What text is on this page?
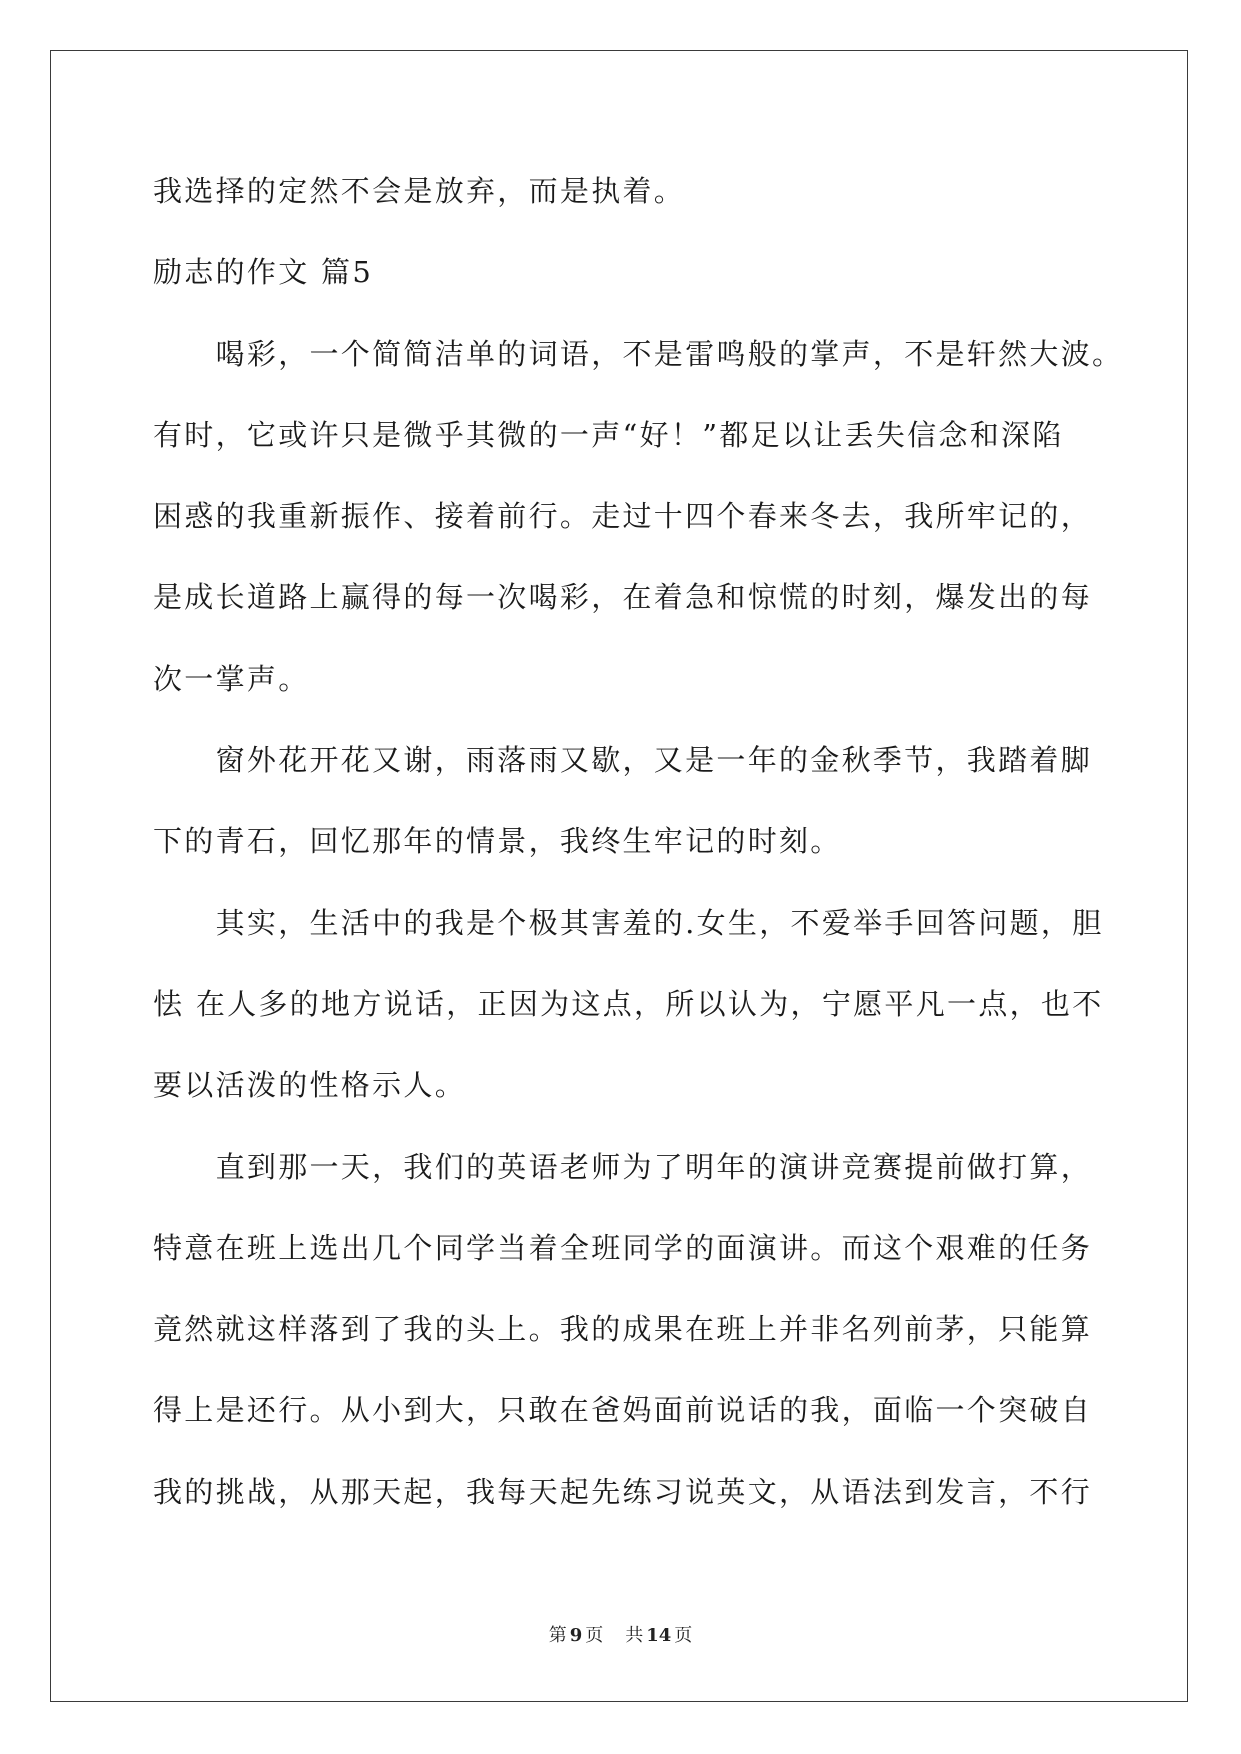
我选择的定然不会是放弃，而是执着。
励志的作文 篇5
喝彩，一个简简洁单的词语，不是雷鸣般的掌声，不是轩然大波。
有时，它或许只是微乎其微的一声“好！”都足以让丢失信念和深陷
困惑的我重新振作、接着前行。走过十四个春来冬去，我所牢记的，
是成长道路上赢得的每一次喝彩，在着急和惊慌的时刻，爆发出的每
次一掌声。
窗外花开花又谢，雨落雨又歇，又是一年的金秋季节，我踏着脚
下的青石，回忆那年的情景，我终生牢记的时刻。
其实，生活中的我是个极其害羞的.女生，不爱举手回答问题，胆
怯 在人多的地方说话，正因为这点，所以认为，宁愿平凡一点，也不
要以活泼的性格示人。
直到那一天，我们的英语老师为了明年的演讲竞赛提前做打算，
特意在班上选出几个同学当着全班同学的面演讲。而这个艰难的任务
竟然就这样落到了我的头上。我的成果在班上并非名列前茅，只能算
得上是还行。从小到大，只敢在爸妈面前说话的我，面临一个突破自
我的挑战，从那天起，我每天起先练习说英文，从语法到发言，不行
第 9 页 共 14 页
